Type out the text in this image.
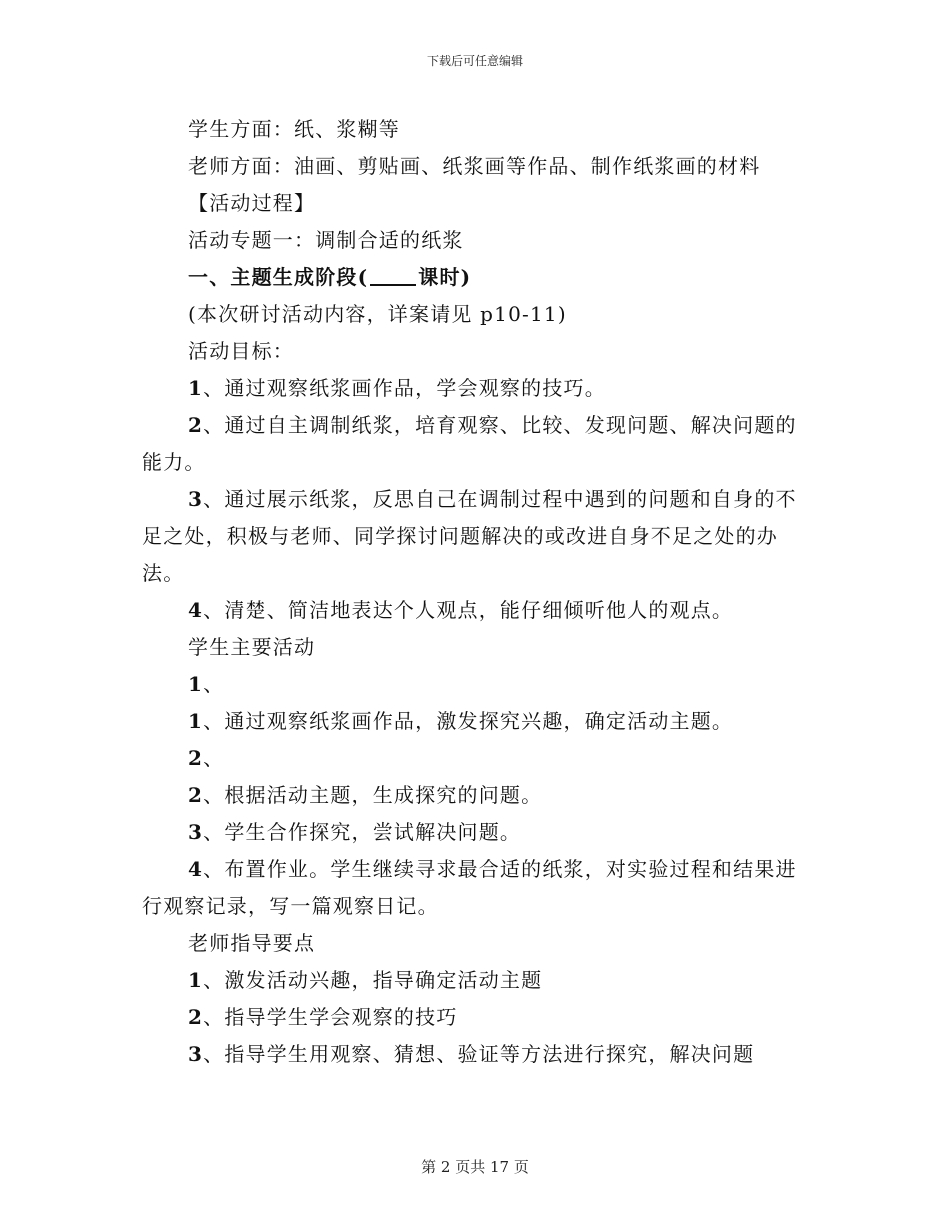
下载后可任意编辑

学生方面：纸、浆糊等

老师方面：油画、剪贴画、纸浆画等作品、制作纸浆画的材料

【活动过程】

活动专题一：调制合适的纸浆

一、主题生成阶段(	课时)

(本次研讨活动内容，详案请见 p10-11)

活动目标：

1、通过观察纸浆画作品，学会观察的技巧。

2、通过自主调制纸浆，培育观察、比较、发现问题、解决问题的能力。

3、通过展示纸浆，反思自己在调制过程中遇到的问题和自身的不足之处，积极与老师、同学探讨问题解决的或改进自身不足之处的办法。

4、清楚、简洁地表达个人观点，能仔细倾听他人的观点。

学生主要活动

1、

1、通过观察纸浆画作品，激发探究兴趣，确定活动主题。

2、

2、根据活动主题，生成探究的问题。

3、学生合作探究，尝试解决问题。

4、布置作业。学生继续寻求最合适的纸浆，对实验过程和结果进行观察记录，写一篇观察日记。

老师指导要点

1、激发活动兴趣，指导确定活动主题

2、指导学生学会观察的技巧

3、指导学生用观察、猜想、验证等方法进行探究，解决问题

第 2 页共 17 页
